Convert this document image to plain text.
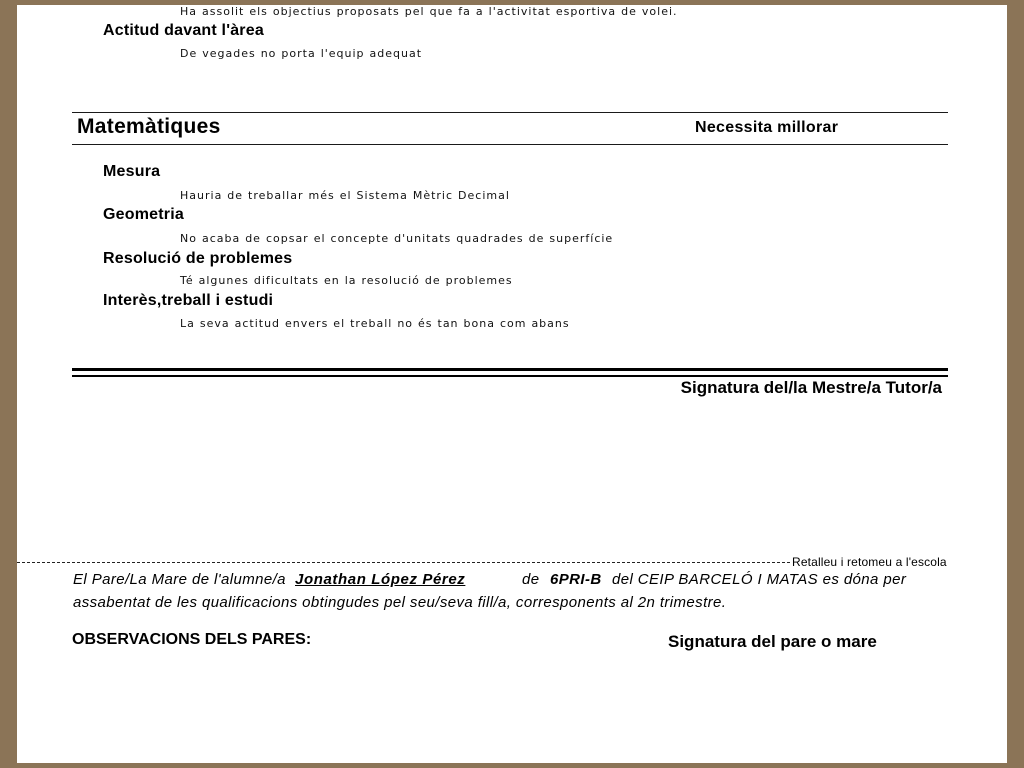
Ha assolit els objectius proposats pel que fa a l'activitat esportiva de volei.
Actitud davant l'àrea
De vegades no porta l'equip adequat
Matemàtiques	Necessita millorar
Mesura
Hauria de treballar més el Sistema Mètric Decimal
Geometria
No acaba de copsar el concepte d'unitats quadrades de superfície
Resolució de problemes
Té algunes dificultats en la resolució de problemes
Interès,treball i estudi
La seva actitud envers el treball no és tan bona com abans
Signatura del/la Mestre/a Tutor/a
Retalleu i retomeu a l'escola
El Pare/La Mare de l'alumne/a Jonathan López Pérez	de 6PRI-B del CEIP BARCELÓ I MATAS es dóna per
assabentat de les qualificacions obtingudes pel seu/seva fill/a, corresponents al 2n trimestre.
OBSERVACIONS DELS PARES:	Signatura del pare o mare
